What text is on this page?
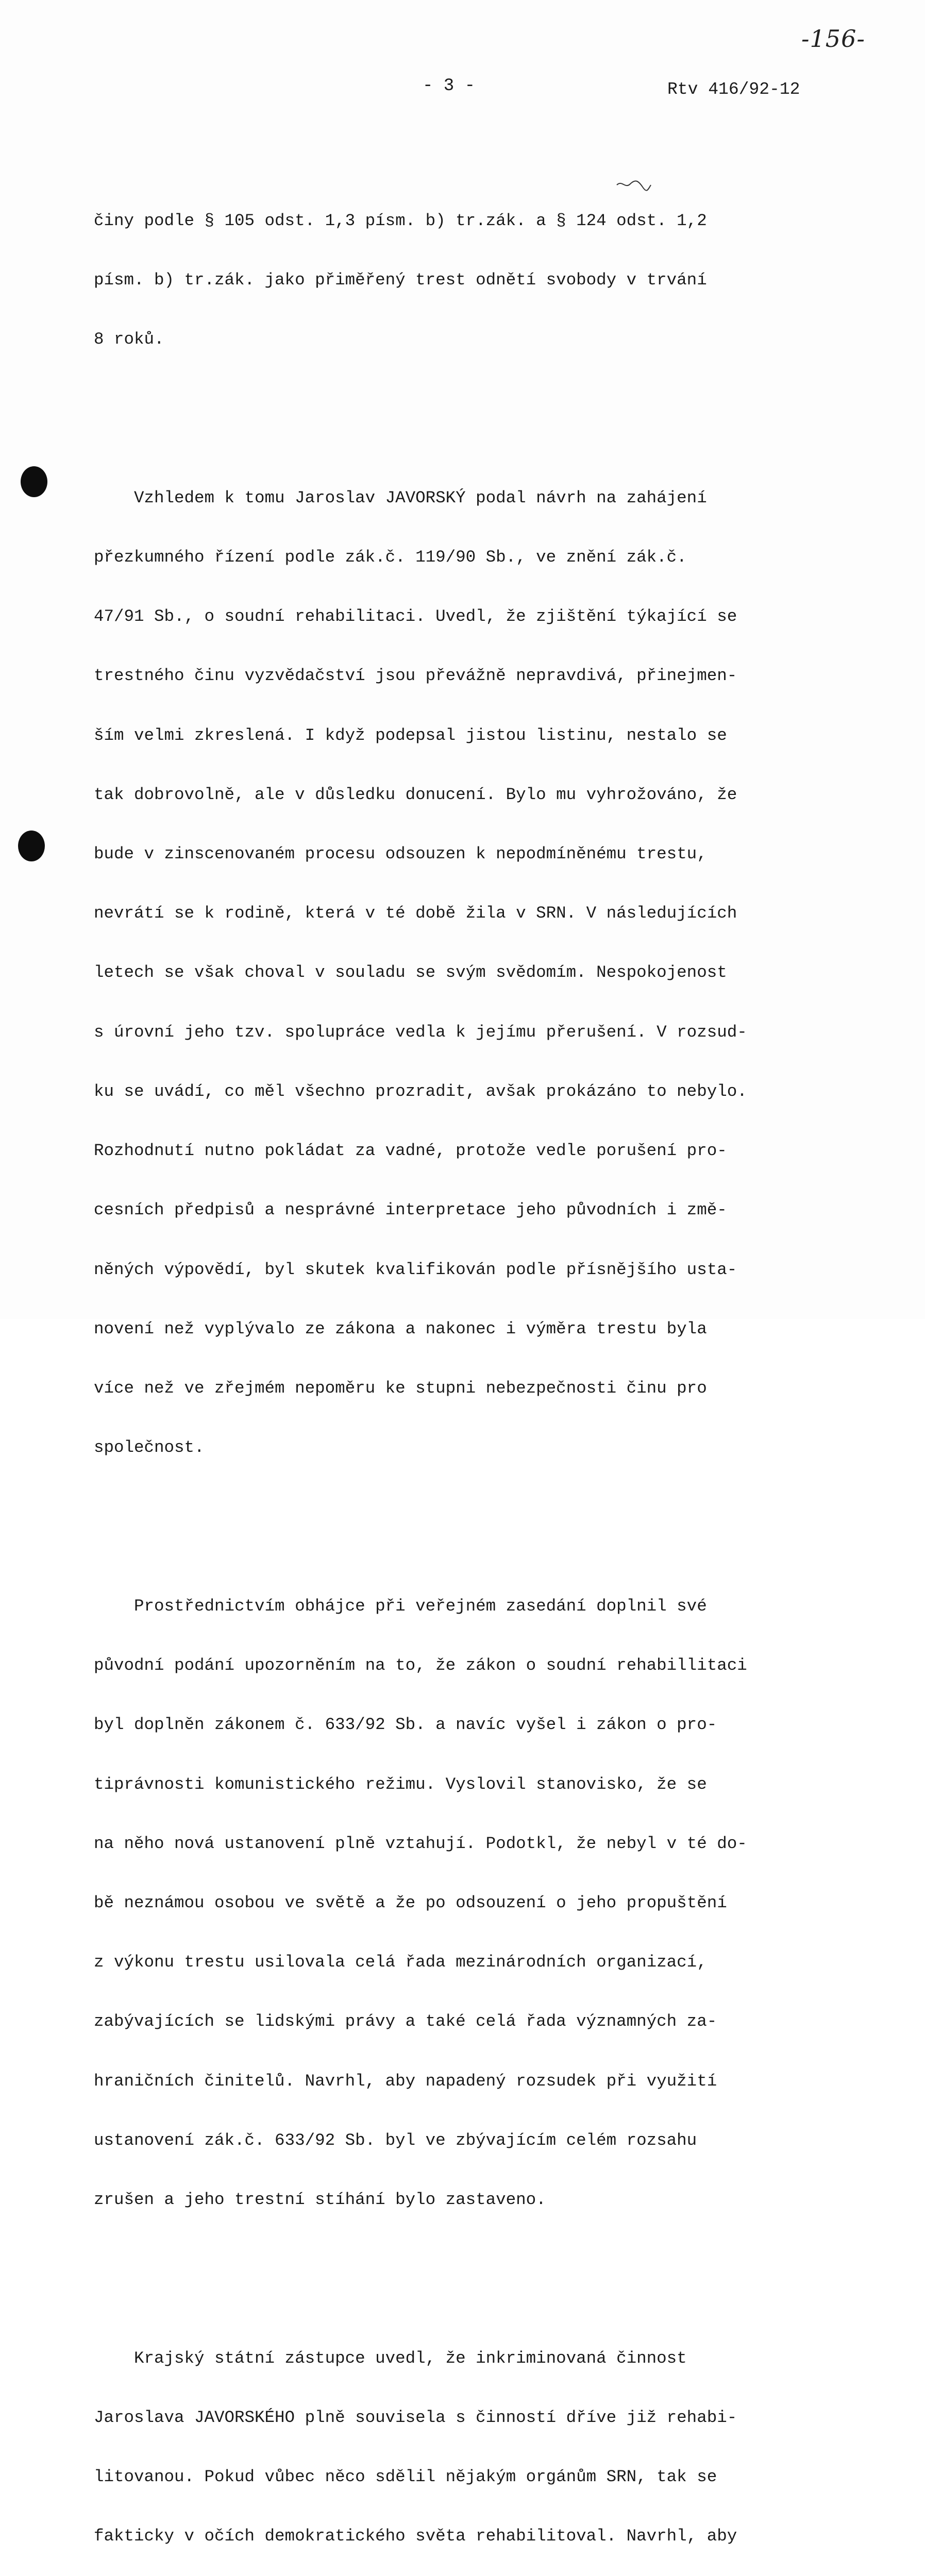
-156-
- 3 -	Rtv 416/92-12

činy podle § 105 odst. 1,3 písm. b) tr.zák. a § 124 odst. 1,2

písm. b) tr.zák. jako přiměřený trest odnětí svobody v trvání

8 roků.

Vzhledem k tomu Jaroslav JAVORSKÝ podal návrh na zahájení

přezkumného řízení podle zák.č. 119/90 Sb., ve znění zák.č.

47/91 Sb., o soudní rehabilitaci. Uvedl, že zjištění týkající se

trestného činu vyzvědačství jsou převážně nepravdivá, přinejmen-

ším velmi zkreslená. I když podepsal jistou listinu, nestalo se

tak dobrovolně, ale v důsledku donucení. Bylo mu vyhrožováno, že

bude v zinscenovaném procesu odsouzen k nepodmíněnému trestu,

nevrátí se k rodině, která v té době žila v SRN. V následujících

letech se však choval v souladu se svým svědomím. Nespokojenost

s úrovní jeho tzv. spolupráce vedla k jejímu přerušení. V rozsud-

ku se uvádí, co měl všechno prozradit, avšak prokázáno to nebylo.

Rozhodnutí nutno pokládat za vadné, protože vedle porušení pro-

cesních předpisů a nesprávné interpretace jeho původních i změ-

něných výpovědí, byl skutek kvalifikován podle přísnějšího usta-

novení než vyplývalo ze zákona a nakonec i výměra trestu byla

více než ve zřejmém nepoměru ke stupni nebezpečnosti činu pro

společnost.

Prostřednictvím obhájce při veřejném zasedání doplnil své

původní podání upozorněním na to, že zákon o soudní rehabillitaci

byl doplněn zákonem č. 633/92 Sb. a navíc vyšel i zákon o pro-

tiprávnosti komunistického režimu. Vyslovil stanovisko, že se

na něho nová ustanovení plně vztahují. Podotkl, že nebyl v té do-

bě neznámou osobou ve světě a že po odsouzení o jeho propuštění

z výkonu trestu usilovala celá řada mezinárodních organizací,

zabývajících se lidskými právy a také celá řada významných za-

hraničních činitelů. Navrhl, aby napadený rozsudek při využití

ustanovení zák.č. 633/92 Sb. byl ve zbývajícím celém rozsahu

zrušen a jeho trestní stíhání bylo zastaveno.

Krajský státní zástupce uvedl, že inkriminovaná činnost

Jaroslava JAVORSKÉHO plně souvisela s činností dříve již rehabi-

litovanou. Pokud vůbec něco sdělil nějakým orgánům SRN, tak se

fakticky v očích demokratického světa rehabilitoval. Navrhl, aby
